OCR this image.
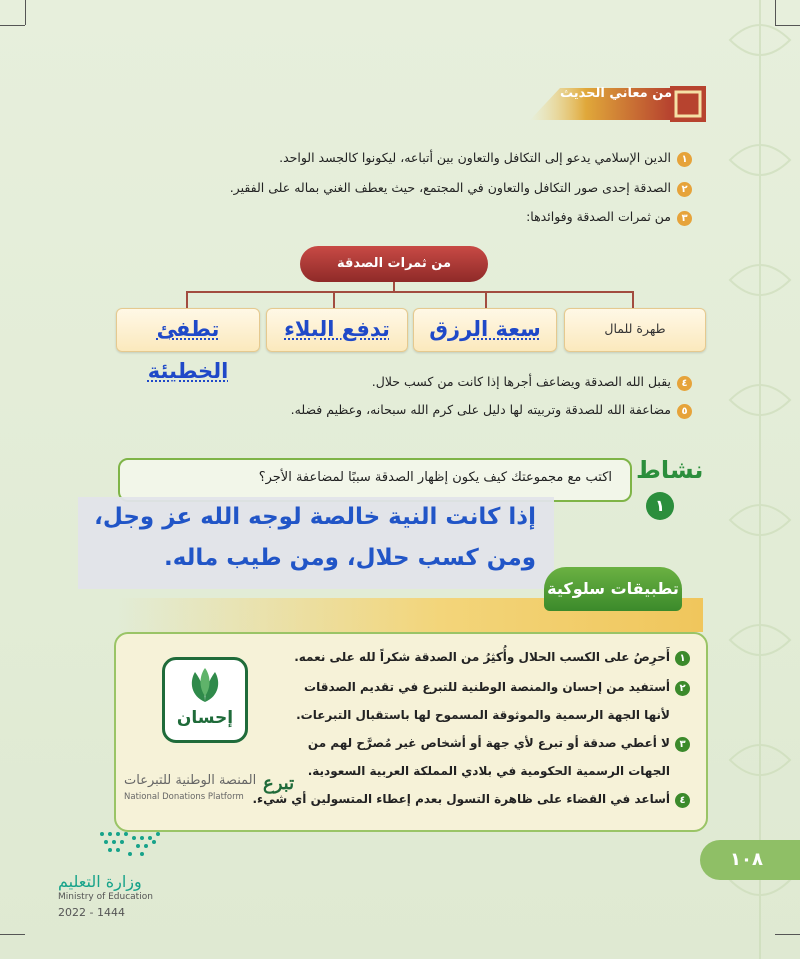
من معاني الحديث
١الدين الإسلامي يدعو إلى التكافل والتعاون بين أتباعه، ليكونوا كالجسد الواحد.
٢الصدقة إحدى صور التكافل والتعاون في المجتمع، حيث يعطف الغني بماله على الفقير.
٣من ثمرات الصدقة وفوائدها:
من ثمرات الصدقة
طهرة للمال
سعة الرزق
تدفع البلاء
تطفئ الخطيئة
٤يقبل الله الصدقة ويضاعف أجرها إذا كانت من كسب حلال.
٥مضاعفة الله للصدقة وتربيته لها دليل على كرم الله سبحانه، وعظيم فضله.
اكتب مع مجموعتك كيف يكون إظهار الصدقة سببًا لمضاعفة الأجر؟ نشاط
١
إذا كانت النية خالصة لوجه الله عز وجل،
ومن كسب حلال، ومن طيب ماله.
تطبيقات سلوكية
١أَحرِصُ على الكسب الحلال وأُكثِرُ من الصدقة شكراً لله على نعمه.
٢أستفيد من إحسان والمنصة الوطنية للتبرع في تقديم الصدقات
لأنها الجهة الرسمية والموثوقة المسموح لها باستقبال التبرعات.
٣لا أعطي صدقة أو تبرع لأي جهة أو أشخاص غير مُصرَّح لهم من
الجهات الرسمية الحكومية في بلادي المملكة العربية السعودية.
٤أساعد في القضاء على ظاهرة التسول بعدم إعطاء المتسولين أي شيء.
إحسان
المنصة الوطنية للتبرعات
National Donations Platform
تبرع
وزارة التعليم
Ministry of Education
2022 - 1444
١٠٨
